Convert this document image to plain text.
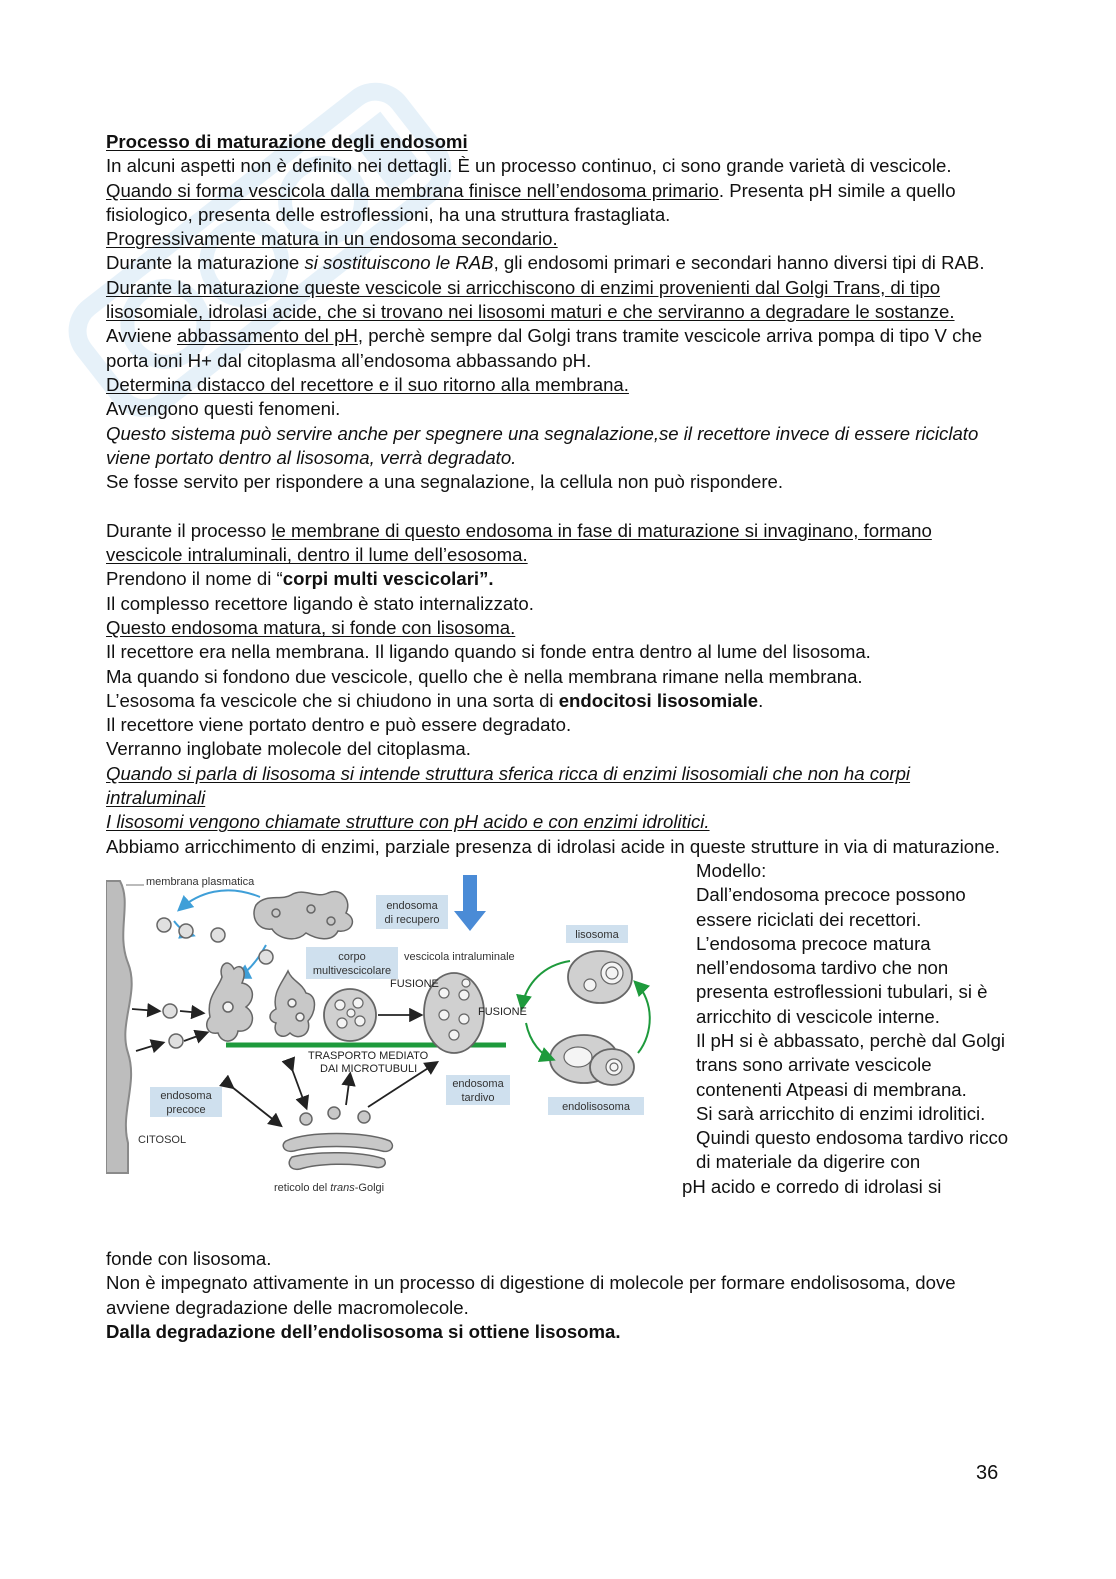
Processo di maturazione degli endosomi

In alcuni aspetti non è definito nei dettagli. È un processo continuo, ci sono grande varietà di vescicole.

Quando si forma vescicola dalla membrana finisce nell’endosoma primario. Presenta pH simile a quello fisiologico, presenta delle estroflessioni, ha una struttura frastagliata.

Progressivamente matura in un endosoma secondario.

Durante la maturazione si sostituiscono le RAB, gli endosomi primari e secondari hanno diversi tipi di RAB.

Durante la maturazione queste vescicole si arricchiscono di enzimi provenienti dal Golgi Trans, di tipo lisosomiale, idrolasi acide, che si trovano nei lisosomi maturi e che serviranno a degradare le sostanze.

Avviene abbassamento del pH, perchè sempre dal Golgi trans tramite vescicole arriva pompa di tipo V che porta ioni H+ dal citoplasma all’endosoma abbassando pH.

Determina distacco del recettore e il suo ritorno alla membrana.

Avvengono questi fenomeni.

Questo sistema può servire anche per spegnere una segnalazione,se il recettore invece di essere riciclato viene portato dentro al lisosoma, verrà degradato.

Se fosse servito per rispondere a una segnalazione, la cellula non può rispondere.

Durante il processo le membrane di questo endosoma in fase di maturazione si invaginano, formano vescicole intraluminali, dentro il lume dell’esosoma.

Prendono il nome di “corpi multi vescicolari”.

Il complesso recettore ligando è stato internalizzato.

Questo endosoma matura, si fonde con lisosoma.

Il recettore era nella membrana. Il ligando quando si fonde entra dentro al lume del lisosoma.

Ma quando si fondono due vescicole, quello che è nella membrana rimane nella membrana.

L’esosoma fa vescicole che si chiudono in una sorta di endocitosi lisosomiale.

Il recettore viene portato dentro e può essere degradato.

Verranno inglobate molecole del citoplasma.

Quando si parla di lisosoma si intende struttura sferica ricca di enzimi lisosomiali che non ha corpi intraluminali

I lisosomi vengono chiamate strutture con pH acido e con enzimi idrolitici.

Abbiamo arricchimento di enzimi, parziale presenza di idrolasi acide in queste strutture in via di maturazione.

membrana plasmatica
endosoma
di recupero
corpo
multivescicolare
vescicola intraluminale
lisosoma
FUSIONE
FUSIONE
TRASPORTO MEDIATO
DAI MICROTUBULI
endosoma
precoce
endosoma
tardivo
endolisosoma
CITOSOL
reticolo del trans-Golgi

Modello:

Dall’endosoma precoce possono essere riciclati dei recettori.

L’endosoma precoce matura nell’endosoma tardivo che non presenta estroflessioni tubulari, si è arricchito di vescicole interne.

Il pH si è abbassato, perchè dal Golgi trans sono arrivate vescicole contenenti Atpeasi di membrana.

Si sarà arricchito di enzimi idrolitici.

Quindi questo endosoma tardivo ricco di materiale da digerire con

pH acido e corredo di idrolasi si

fonde con lisosoma.

Non è impegnato attivamente in un processo di digestione di molecole per formare endolisosoma, dove avviene degradazione delle macromolecole.

Dalla degradazione dell’endolisosoma si ottiene lisosoma.

36
